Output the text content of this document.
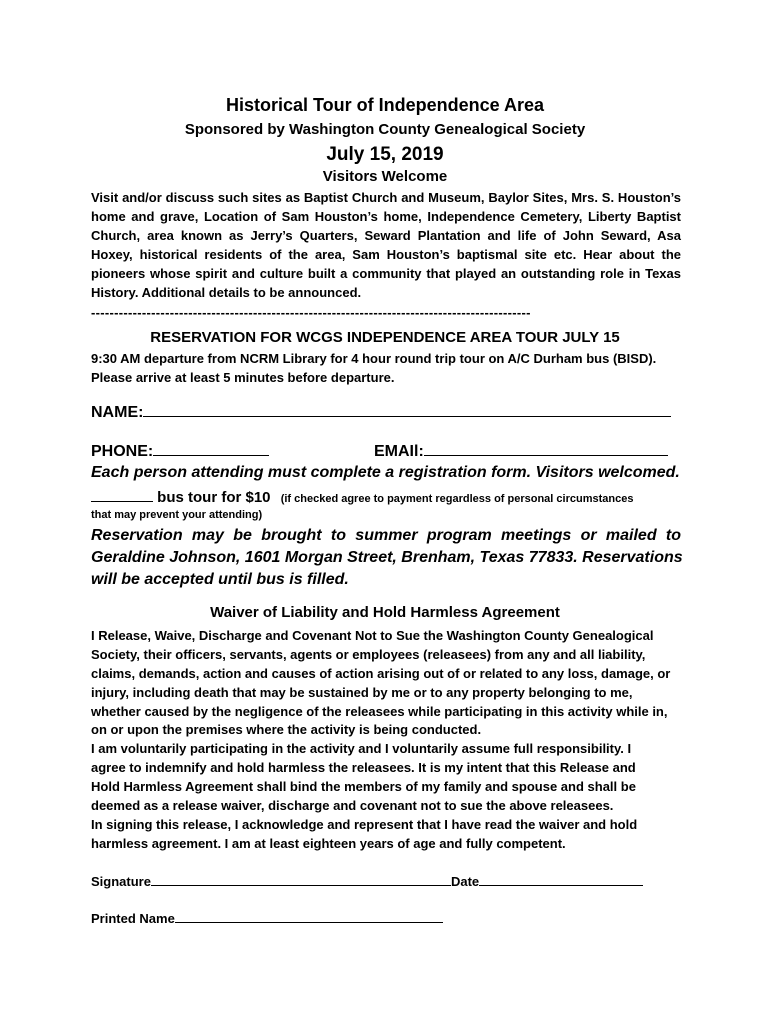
Historical Tour of Independence Area
Sponsored by Washington County Genealogical Society
July 15, 2019
Visitors Welcome
Visit and/or discuss such sites as Baptist Church and Museum, Baylor Sites, Mrs. S. Houston’s
home and grave, Location of Sam Houston’s home, Independence Cemetery, Liberty Baptist
Church, area known as Jerry’s Quarters, Seward Plantation and life of John Seward, Asa
Hoxey, historical residents of the area, Sam Houston’s baptismal site etc. Hear about the
pioneers whose spirit and culture built a community that played an outstanding role in Texas
History. Additional details to be announced.
-----------------------------------------------------------------------------------------------
RESERVATION FOR WCGS INDEPENDENCE AREA TOUR JULY 15
9:30 AM departure from NCRM Library for 4 hour round trip tour on A/C Durham bus (BISD).
Please arrive at least 5 minutes before departure.
NAME:
PHONE:	EMAIl:
Each person attending must complete a registration form. Visitors welcomed.
bus tour for $10 (if checked agree to payment regardless of personal circumstances
that may prevent your attending)
Reservation may be brought to summer program meetings or mailed to
Geraldine Johnson, 1601 Morgan Street, Brenham, Texas 77833. Reservations
will be accepted until bus is filled.
Waiver of Liability and Hold Harmless Agreement
I Release, Waive, Discharge and Covenant Not to Sue the Washington County Genealogical
Society, their officers, servants, agents or employees (releasees) from any and all liability,
claims, demands, action and causes of action arising out of or related to any loss, damage, or
injury, including death that may be sustained by me or to any property belonging to me,
whether caused by the negligence of the releasees while participating in this activity while in,
on or upon the premises where the activity is being conducted.
I am voluntarily participating in the activity and I voluntarily assume full responsibility. I
agree to indemnify and hold harmless the releasees. It is my intent that this Release and
Hold Harmless Agreement shall bind the members of my family and spouse and shall be
deemed as a release waiver, discharge and covenant not to sue the above releasees.
In signing this release, I acknowledge and represent that I have read the waiver and hold
harmless agreement. I am at least eighteen years of age and fully competent.
Signature	Date
Printed Name
